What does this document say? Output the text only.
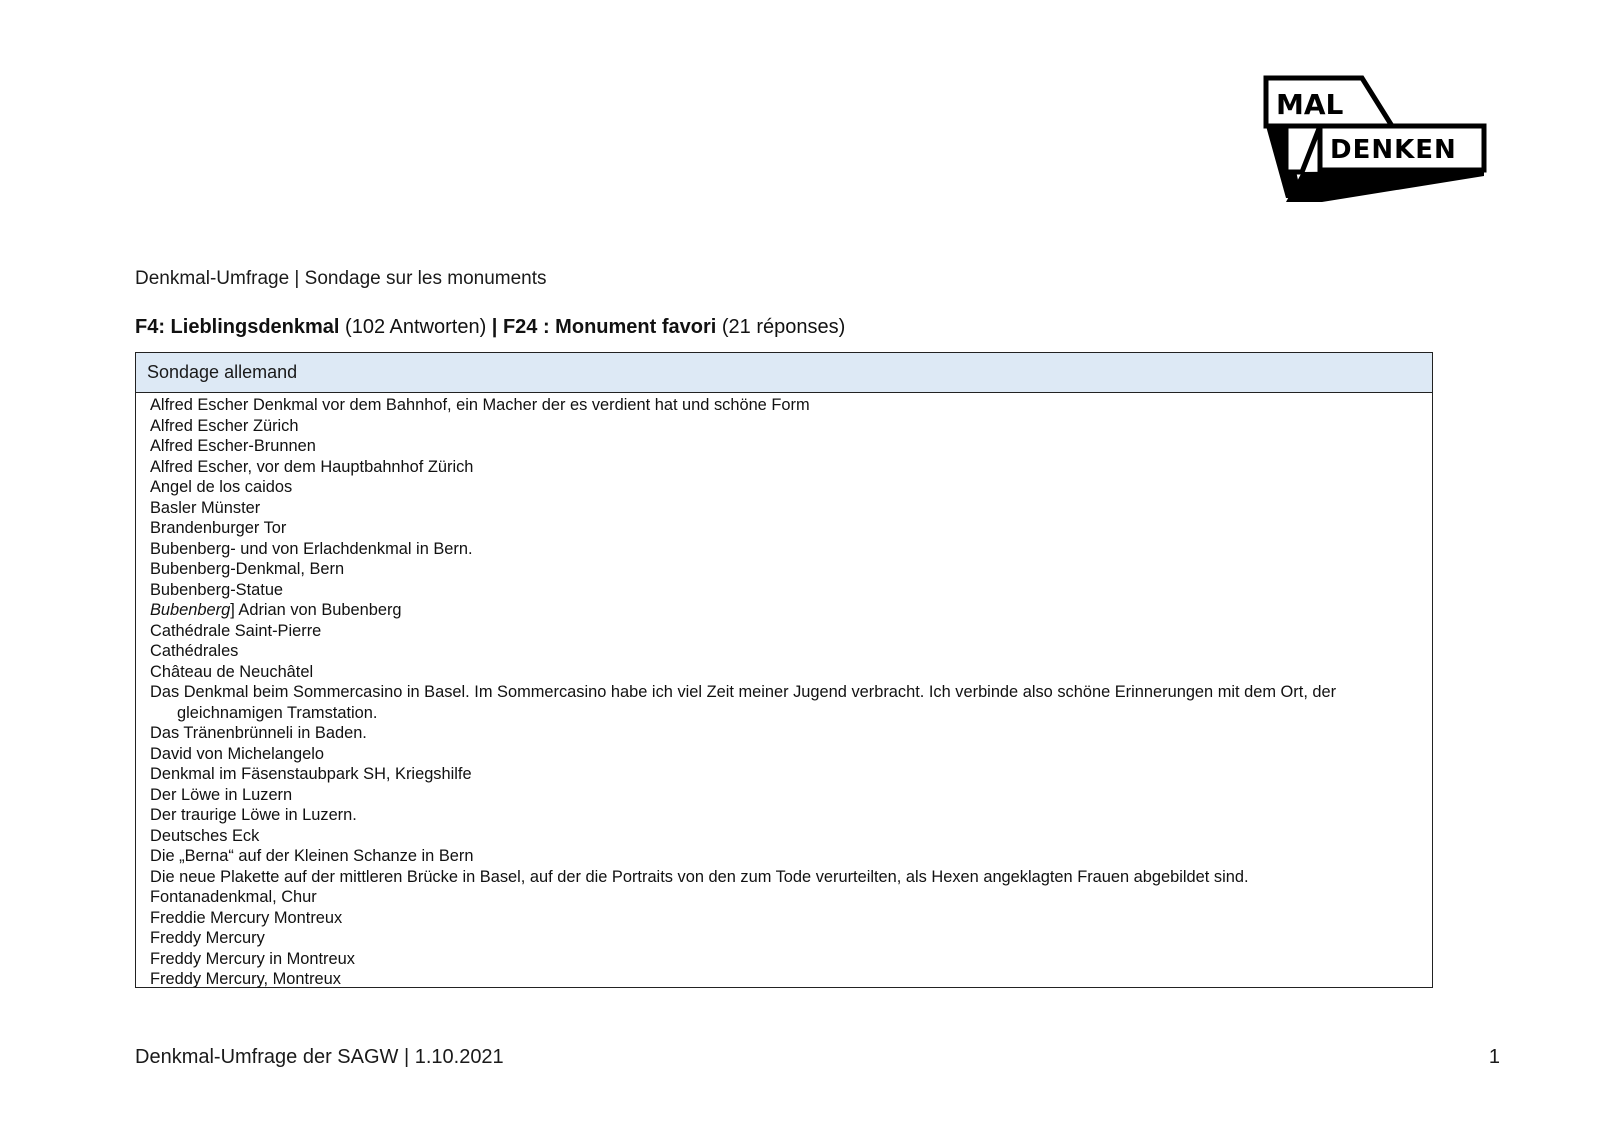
MAL
DENKEN
Denkmal-Umfrage | Sondage sur les monuments
F4: Lieblingsdenkmal (102 Antworten) | F24 : Monument favori (21 réponses)
Sondage allemand
Alfred Escher Denkmal vor dem Bahnhof, ein Macher der es verdient hat und schöne Form
Alfred Escher Zürich
Alfred Escher-Brunnen
Alfred Escher, vor dem Hauptbahnhof Zürich
Angel de los caidos
Basler Münster
Brandenburger Tor
Bubenberg- und von Erlachdenkmal in Bern.
Bubenberg-Denkmal, Bern
Bubenberg-Statue
Bubenberg] Adrian von Bubenberg
Cathédrale Saint-Pierre
Cathédrales
Château de Neuchâtel
Das Denkmal beim Sommercasino in Basel. Im Sommercasino habe ich viel Zeit meiner Jugend verbracht. Ich verbinde also schöne Erinnerungen mit dem Ort, der gleichnamigen Tramstation.
Das Tränenbrünneli in Baden.
David von Michelangelo
Denkmal im Fäsenstaubpark SH, Kriegshilfe
Der Löwe in Luzern
Der traurige Löwe in Luzern.
Deutsches Eck
Die „Berna“ auf der Kleinen Schanze in Bern
Die neue Plakette auf der mittleren Brücke in Basel, auf der die Portraits von den zum Tode verurteilten, als Hexen angeklagten Frauen abgebildet sind.
Fontanadenkmal, Chur
Freddie Mercury Montreux
Freddy Mercury
Freddy Mercury in Montreux
Freddy Mercury, Montreux
Denkmal-Umfrage der SAGW | 1.10.2021	1
